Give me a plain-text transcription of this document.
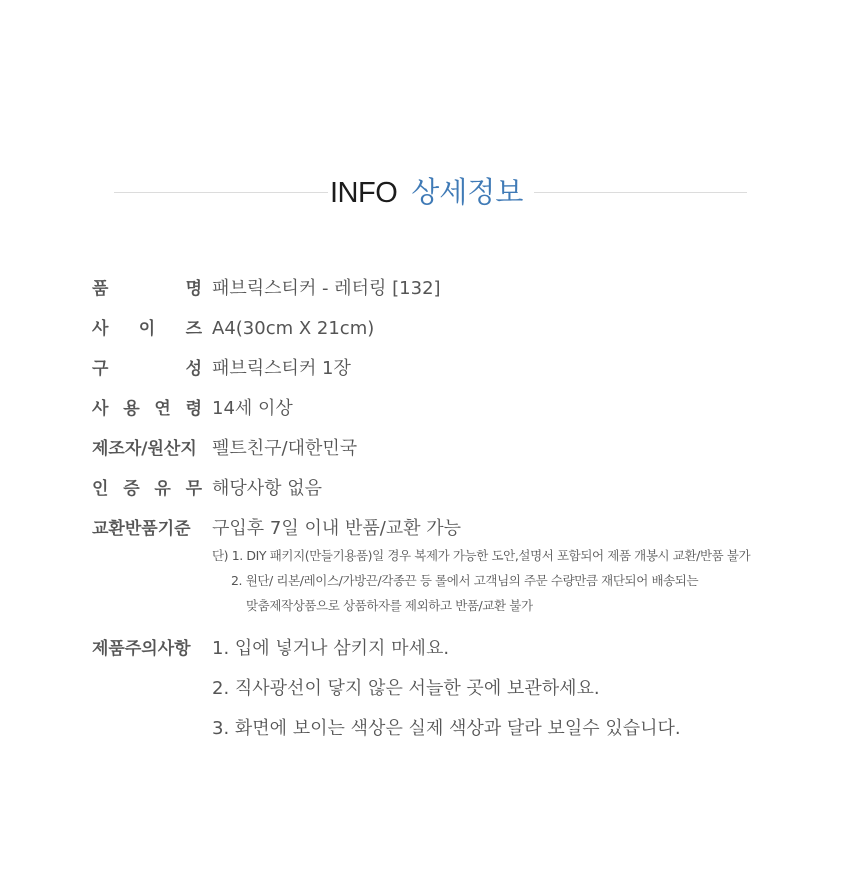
INFO 상세정보
품	명 패브릭스티커 - 레터링 [132]
사 이 즈 A4(30cm X 21cm)
구	성 패브릭스티커 1장
사 용 연 령 14세 이상
제조자/원산지 펠트친구/대한민국
인 증 유 무 해당사항 없음
교환반품기준	구입후 7일 이내 반품/교환 가능
단) 1. DIY 패키지(만들기용품)일 경우 복제가 가능한 도안,설명서 포함되어 제품 개봉시 교환/반품 불가
2. 원단/ 리본/레이스/가방끈/각종끈 등 롤에서 고객님의 주문 수량만큼 재단되어 배송되는
맞춤제작상품으로 상품하자를 제외하고 반품/교환 불가
제품주의사항	1. 입에 넣거나 삼키지 마세요.
2. 직사광선이 닿지 않은 서늘한 곳에 보관하세요.
3. 화면에 보이는 색상은 실제 색상과 달라 보일수 있습니다.
